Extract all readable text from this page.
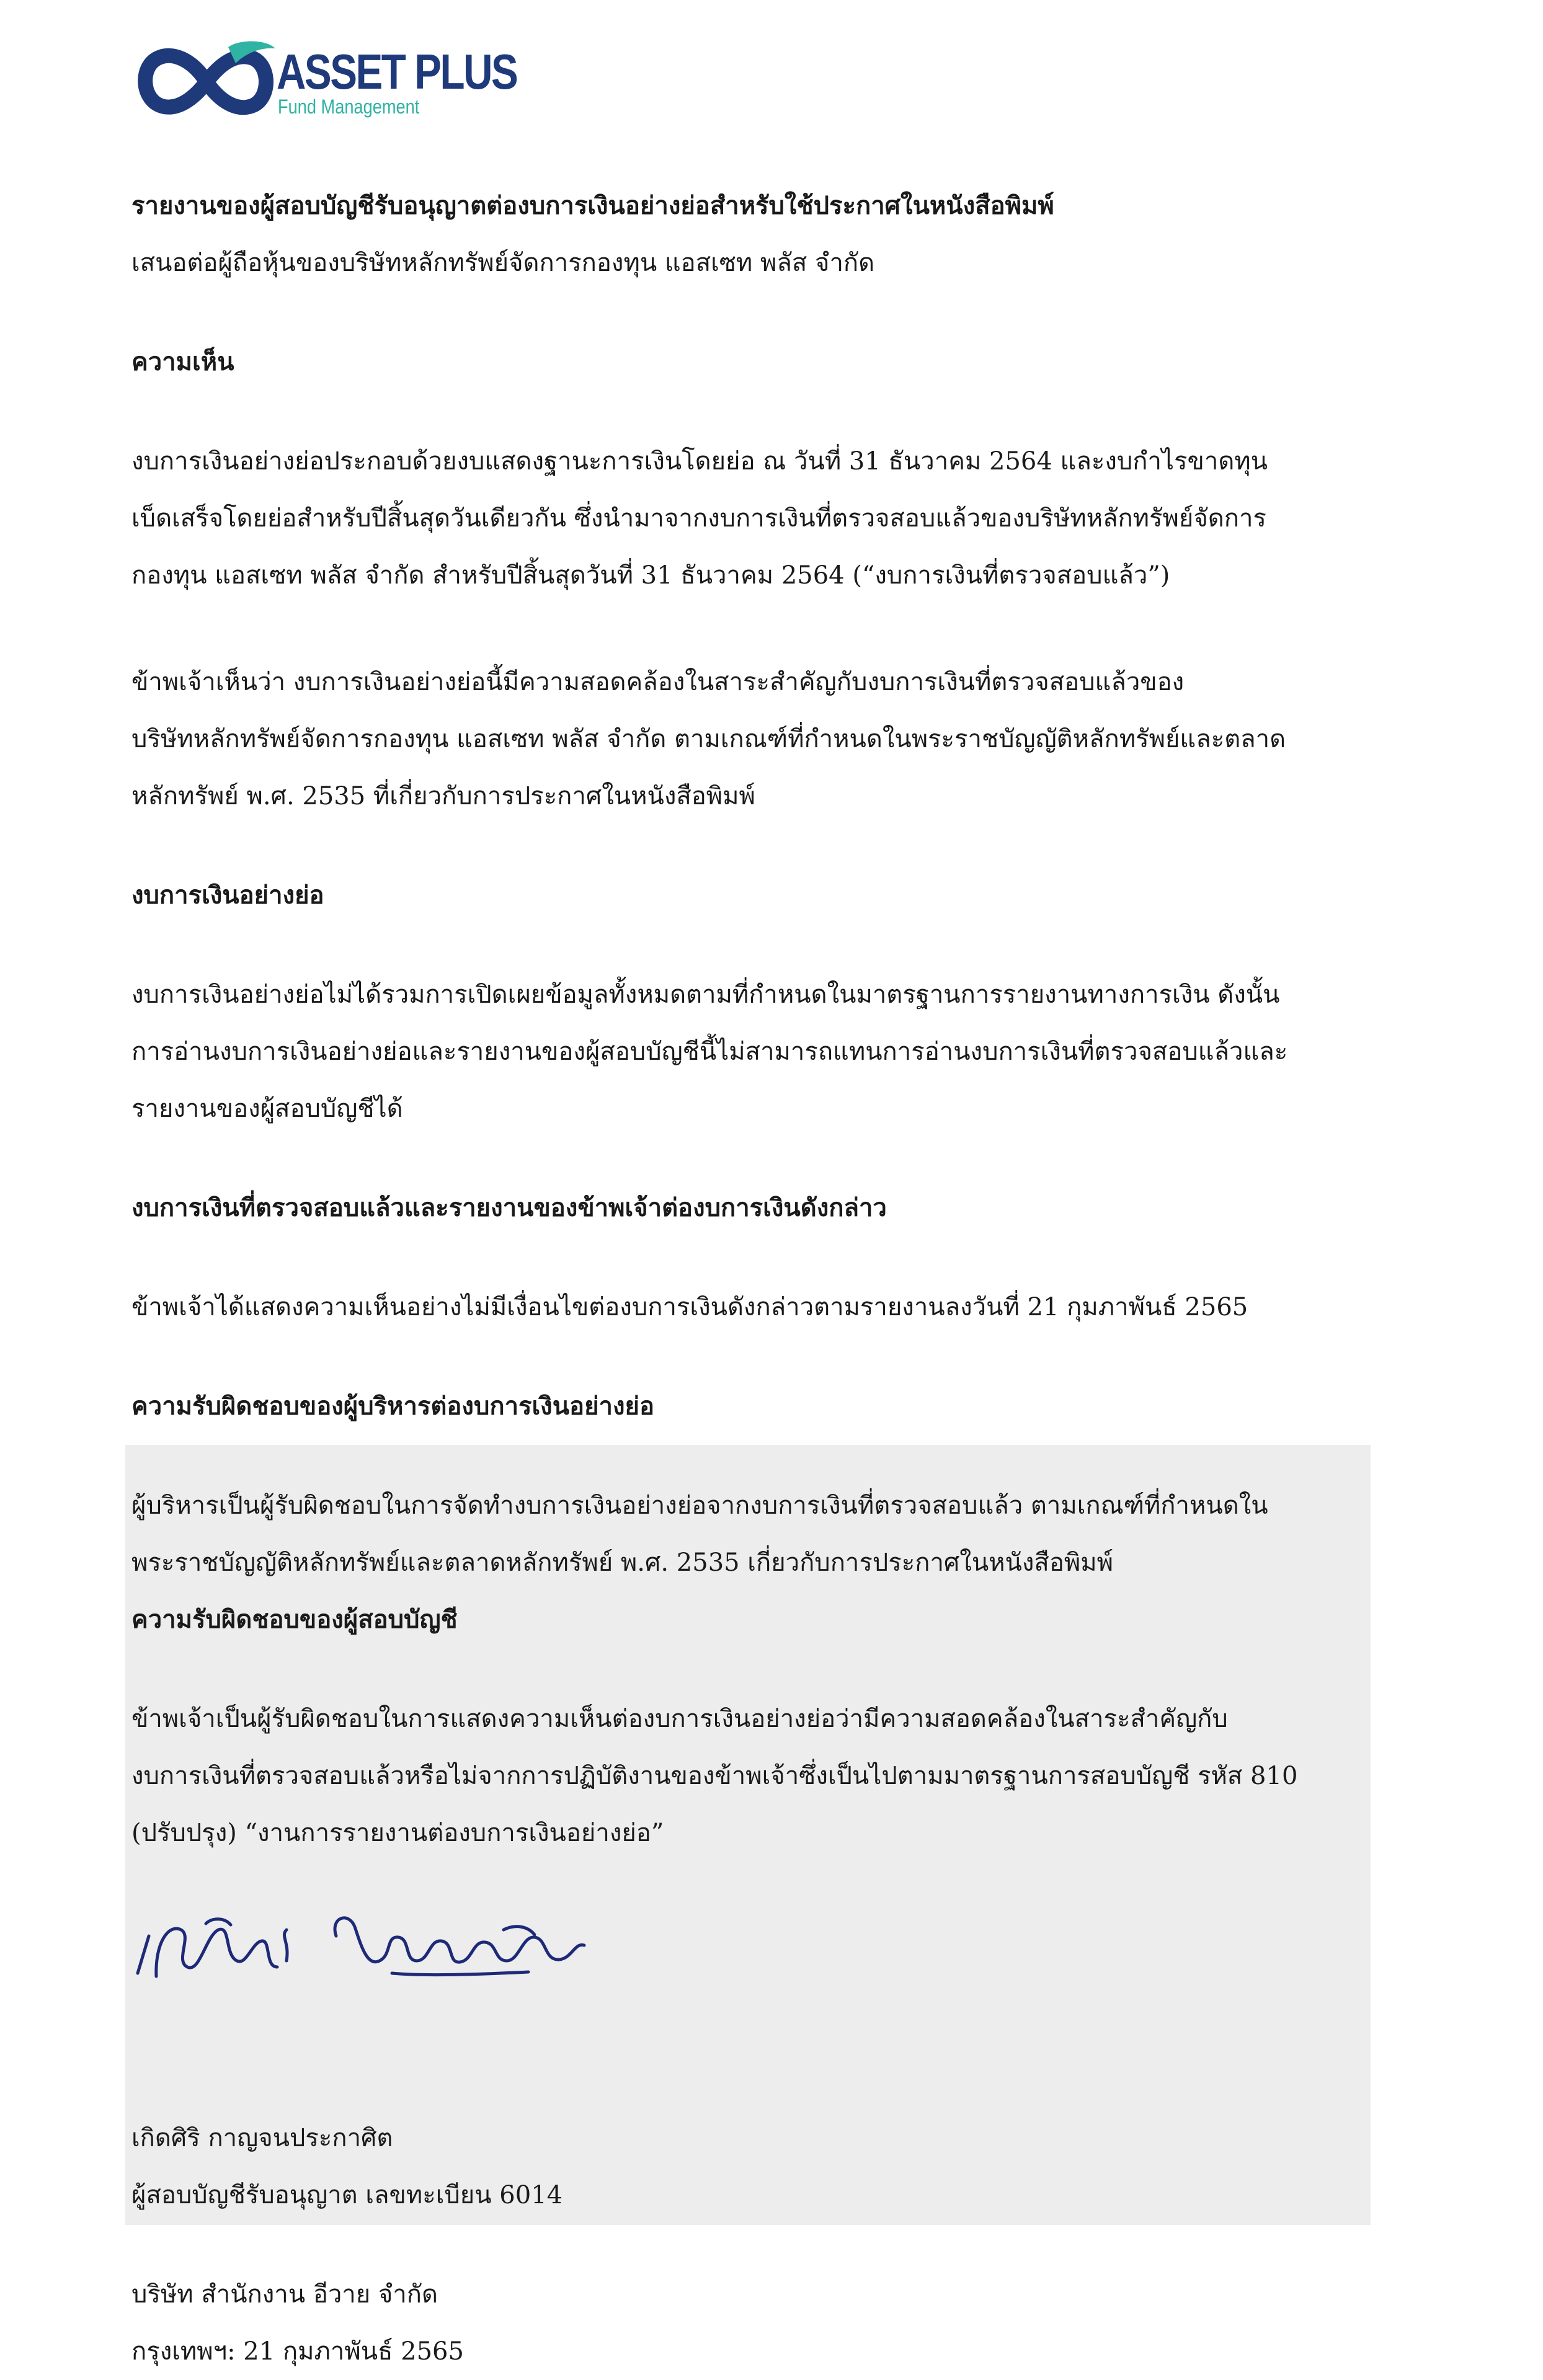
ASSET PLUS
Fund Management
รายงานของผู้สอบบัญชีรับอนุญาตต่องบการเงินอย่างย่อสำหรับใช้ประกาศในหนังสือพิมพ์
เสนอต่อผู้ถือหุ้นของบริษัทหลักทรัพย์จัดการกองทุน แอสเซท พลัส จำกัด
ความเห็น
งบการเงินอย่างย่อประกอบด้วยงบแสดงฐานะการเงินโดยย่อ ณ วันที่ 31 ธันวาคม 2564 และงบกำไรขาดทุน
เบ็ดเสร็จโดยย่อสำหรับปีสิ้นสุดวันเดียวกัน ซึ่งนำมาจากงบการเงินที่ตรวจสอบแล้วของบริษัทหลักทรัพย์จัดการ
กองทุน แอสเซท พลัส จำกัด สำหรับปีสิ้นสุดวันที่ 31 ธันวาคม 2564 (“งบการเงินที่ตรวจสอบแล้ว”)
ข้าพเจ้าเห็นว่า งบการเงินอย่างย่อนี้มีความสอดคล้องในสาระสำคัญกับงบการเงินที่ตรวจสอบแล้วของ
บริษัทหลักทรัพย์จัดการกองทุน แอสเซท พลัส จำกัด ตามเกณฑ์ที่กำหนดในพระราชบัญญัติหลักทรัพย์และตลาด
หลักทรัพย์ พ.ศ. 2535 ที่เกี่ยวกับการประกาศในหนังสือพิมพ์
งบการเงินอย่างย่อ
งบการเงินอย่างย่อไม่ได้รวมการเปิดเผยข้อมูลทั้งหมดตามที่กำหนดในมาตรฐานการรายงานทางการเงิน ดังนั้น
การอ่านงบการเงินอย่างย่อและรายงานของผู้สอบบัญชีนี้ไม่สามารถแทนการอ่านงบการเงินที่ตรวจสอบแล้วและ
รายงานของผู้สอบบัญชีได้
งบการเงินที่ตรวจสอบแล้วและรายงานของข้าพเจ้าต่องบการเงินดังกล่าว
ข้าพเจ้าได้แสดงความเห็นอย่างไม่มีเงื่อนไขต่องบการเงินดังกล่าวตามรายงานลงวันที่ 21 กุมภาพันธ์ 2565
ความรับผิดชอบของผู้บริหารต่องบการเงินอย่างย่อ
ผู้บริหารเป็นผู้รับผิดชอบในการจัดทำงบการเงินอย่างย่อจากงบการเงินที่ตรวจสอบแล้ว ตามเกณฑ์ที่กำหนดใน
พระราชบัญญัติหลักทรัพย์และตลาดหลักทรัพย์ พ.ศ. 2535 เกี่ยวกับการประกาศในหนังสือพิมพ์
ความรับผิดชอบของผู้สอบบัญชี
ข้าพเจ้าเป็นผู้รับผิดชอบในการแสดงความเห็นต่องบการเงินอย่างย่อว่ามีความสอดคล้องในสาระสำคัญกับ
งบการเงินที่ตรวจสอบแล้วหรือไม่จากการปฏิบัติงานของข้าพเจ้าซึ่งเป็นไปตามมาตรฐานการสอบบัญชี รหัส 810
(ปรับปรุง) “งานการรายงานต่องบการเงินอย่างย่อ”
เกิดศิริ กาญจนประกาศิต
ผู้สอบบัญชีรับอนุญาต เลขทะเบียน 6014
บริษัท สำนักงาน อีวาย จำกัด
กรุงเทพฯ: 21 กุมภาพันธ์ 2565
